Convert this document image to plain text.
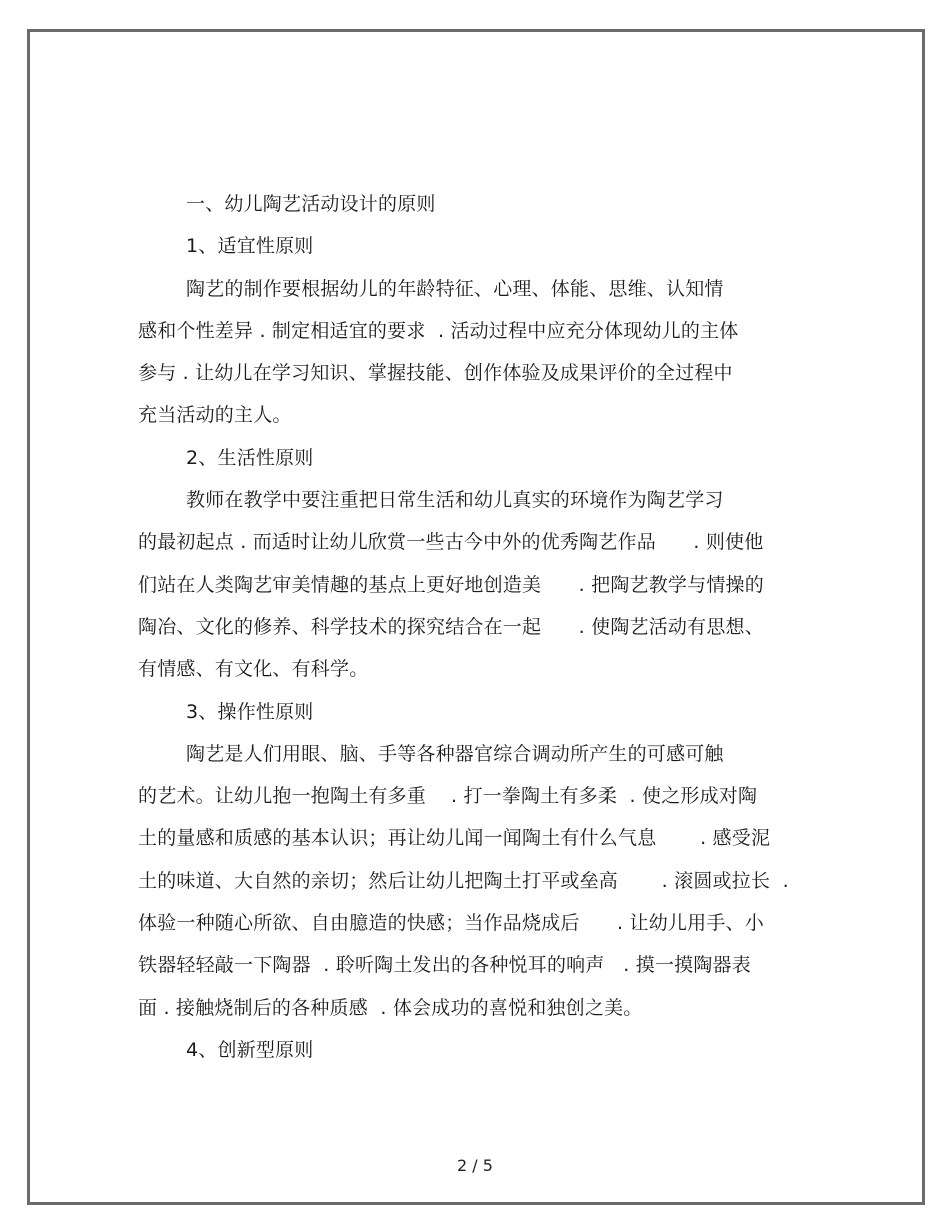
一、幼儿陶艺活动设计的原则
1、适宜性原则
陶艺的制作要根据幼儿的年龄特征、心理、体能、思维、认知情
感和个性差异 . 制定相适宜的要求  . 活动过程中应充分体现幼儿的主体
参与 . 让幼儿在学习知识、掌握技能、创作体验及成果评价的全过程中
充当活动的主人。
2、生活性原则
教师在教学中要注重把日常生活和幼儿真实的环境作为陶艺学习
的最初起点 . 而适时让幼儿欣赏一些古今中外的优秀陶艺作品      . 则使他
们站在人类陶艺审美情趣的基点上更好地创造美      . 把陶艺教学与情操的
陶冶、文化的修养、科学技术的探究结合在一起      . 使陶艺活动有思想、
有情感、有文化、有科学。
3、操作性原则
陶艺是人们用眼、脑、手等各种器官综合调动所产生的可感可触
的艺术。让幼儿抱一抱陶土有多重    . 打一拳陶土有多柔  . 使之形成对陶
土的量感和质感的基本认识；再让幼儿闻一闻陶土有什么气息       . 感受泥
土的味道、大自然的亲切；然后让幼儿把陶土打平或垒高       . 滚圆或拉长  .
体验一种随心所欲、自由臆造的快感；当作品烧成后      . 让幼儿用手、小
铁器轻轻敲一下陶器  . 聆听陶土发出的各种悦耳的响声   . 摸一摸陶器表
面 . 接触烧制后的各种质感  . 体会成功的喜悦和独创之美。
4、创新型原则
2 / 5
